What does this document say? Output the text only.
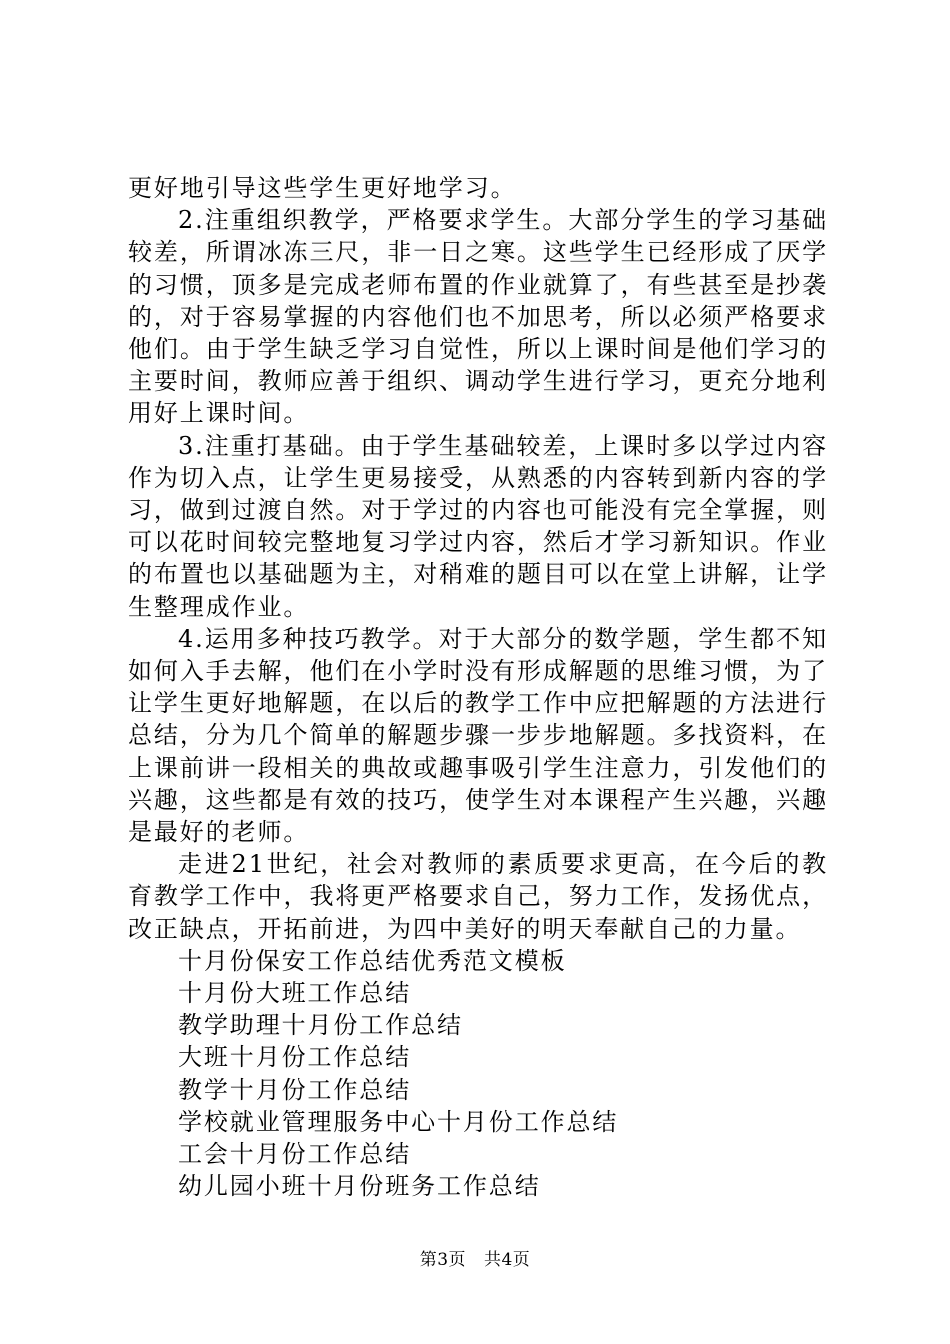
更好地引导这些学生更好地学习。

2.注重组织教学，严格要求学生。大部分学生的学习基础较差，所谓冰冻三尺，非一日之寒。这些学生已经形成了厌学的习惯，顶多是完成老师布置的作业就算了，有些甚至是抄袭的，对于容易掌握的内容他们也不加思考，所以必须严格要求他们。由于学生缺乏学习自觉性，所以上课时间是他们学习的主要时间，教师应善于组织、调动学生进行学习，更充分地利用好上课时间。

3.注重打基础。由于学生基础较差，上课时多以学过内容作为切入点，让学生更易接受，从熟悉的内容转到新内容的学习，做到过渡自然。对于学过的内容也可能没有完全掌握，则可以花时间较完整地复习学过内容，然后才学习新知识。作业的布置也以基础题为主，对稍难的题目可以在堂上讲解，让学生整理成作业。

4.运用多种技巧教学。对于大部分的数学题，学生都不知如何入手去解，他们在小学时没有形成解题的思维习惯，为了让学生更好地解题，在以后的教学工作中应把解题的方法进行总结，分为几个简单的解题步骤一步步地解题。多找资料，在上课前讲一段相关的典故或趣事吸引学生注意力，引发他们的兴趣，这些都是有效的技巧，使学生对本课程产生兴趣，兴趣是最好的老师。

走进21世纪，社会对教师的素质要求更高，在今后的教育教学工作中，我将更严格要求自己，努力工作，发扬优点，改正缺点，开拓前进，为四中美好的明天奉献自己的力量。

十月份保安工作总结优秀范文模板
十月份大班工作总结
教学助理十月份工作总结
大班十月份工作总结
教学十月份工作总结
学校就业管理服务中心十月份工作总结
工会十月份工作总结
幼儿园小班十月份班务工作总结
第3页 共4页
